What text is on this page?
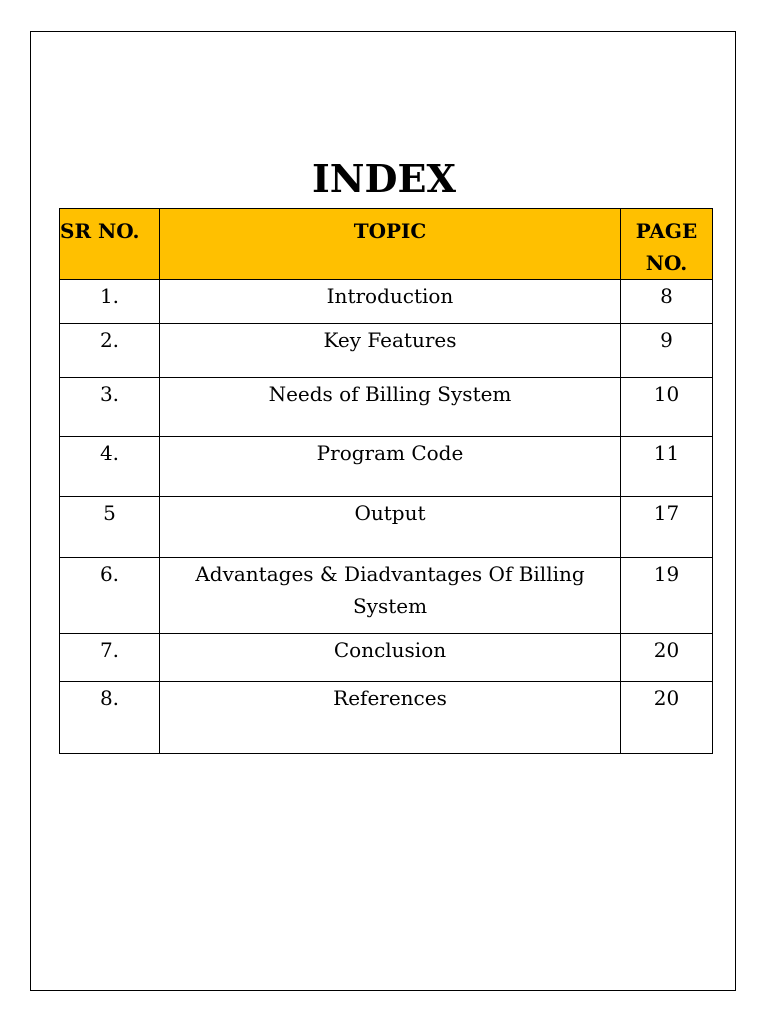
INDEX
SR NO.	TOPIC	PAGE NO.
1.	Introduction	8
2.	Key Features	9
3.	Needs of Billing System	10
4.	Program Code	11
5	Output	17
6.	Advantages & Diadvantages Of Billing System	19
7.	Conclusion	20
8.	References	20
